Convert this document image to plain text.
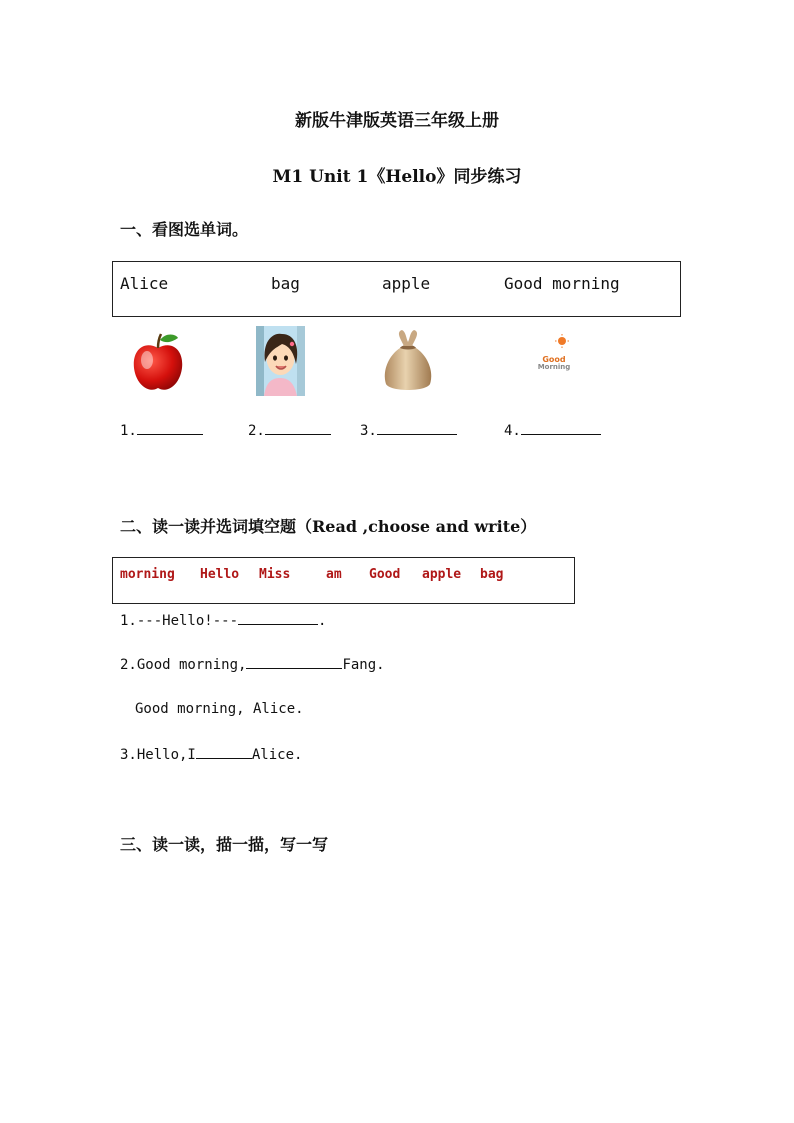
新版牛津版英语三年级上册
M1 Unit 1《Hello》同步练习
一、看图选单词。
Alice	bag	apple	Good morning
Good
Morning
1.	2.	3.	4.
二、读一读并选词填空题（Read ,choose and write）
morning Hello Miss	am Good apple bag
1.---Hello!---	.
2.Good morning,	Fang.
Good morning, Alice.
3.Hello,I	Alice.
三、读一读，描一描，写一写
